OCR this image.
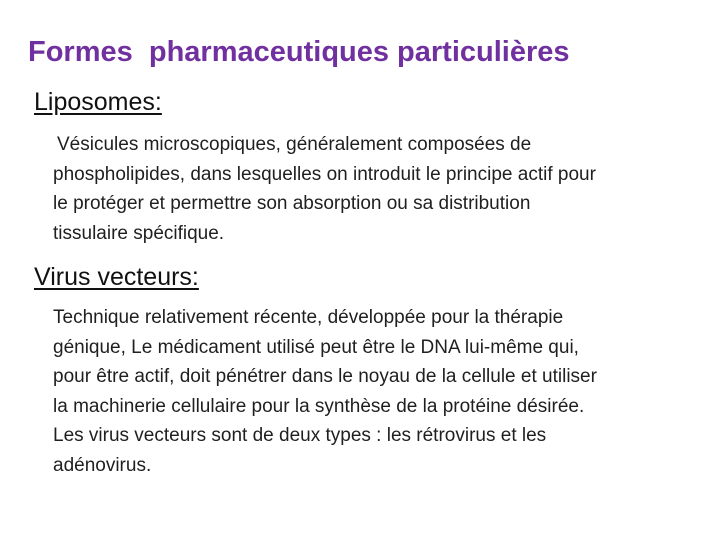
Formes  pharmaceutiques particulières
Liposomes:
Vésicules microscopiques, généralement composées de
phospholipides, dans lesquelles on introduit le principe actif pour
le protéger et permettre son absorption ou sa distribution
tissulaire spécifique.
Virus vecteurs:
Technique relativement récente, développée pour la thérapie
génique, Le médicament utilisé peut être le DNA lui-même qui,
pour être actif, doit pénétrer dans le noyau de la cellule et utiliser
la machinerie cellulaire pour la synthèse de la protéine désirée.
Les virus vecteurs sont de deux types : les rétrovirus et les
adénovirus.
